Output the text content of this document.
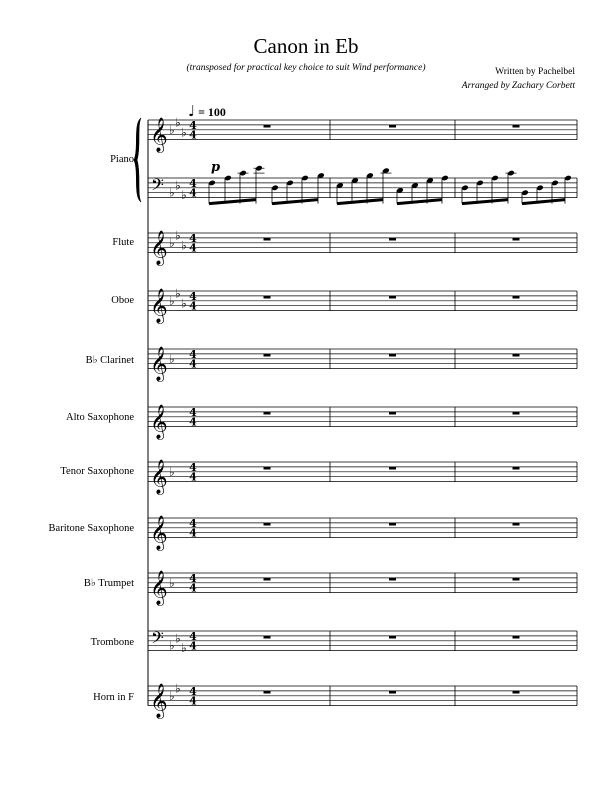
Canon in Eb
(transposed for practical key choice to suit Wind performance)	Written by Pachelbel
Arranged by Zachary Corbett
♩ = 100
Piano
Flute
Oboe
B♭ Clarinet
Alto Saxophone
Tenor Saxophone
Baritone Saxophone
B♭ Trumpet
Trombone
Horn in F
𝄞 ♭
♭
♭ 4
4
𝄢 ♭
♭
♭
4
4
𝄞 ♭
♭
♭ 4
4
𝄞 ♭
♭
♭ 4
4
𝄞 ♭ 4
4
𝄞 4
4
𝄞 ♭ 4
4
𝄞 4
4
𝄞 ♭ 4
4
𝄢 ♭
♭
♭
4
4
𝄞 ♭
♭ 4
4
p
